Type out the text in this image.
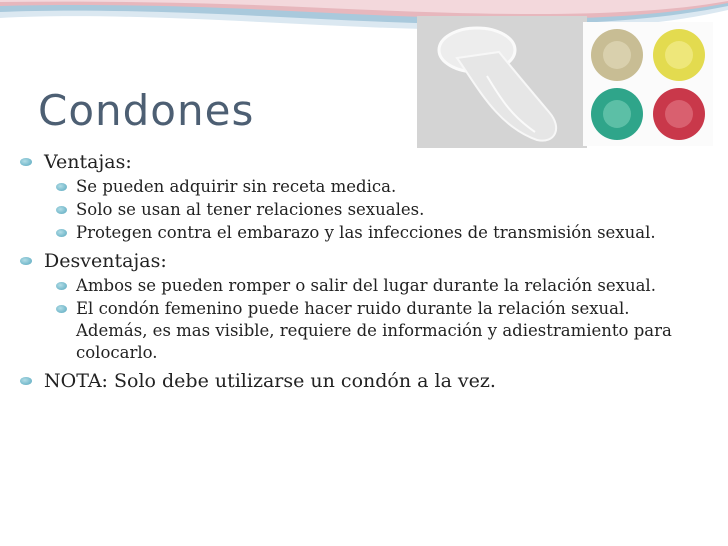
Condones
Ventajas:
Se pueden adquirir sin receta medica.
Solo se usan al tener relaciones sexuales.
Protegen contra el embarazo y las infecciones de transmisión sexual.
Desventajas:
Ambos se pueden romper o salir del lugar durante la relación sexual.
El condón femenino puede hacer ruido durante la relación sexual. Además, es mas visible, requiere de información y adiestramiento para colocarlo.
NOTA: Solo debe utilizarse un condón a la vez.
